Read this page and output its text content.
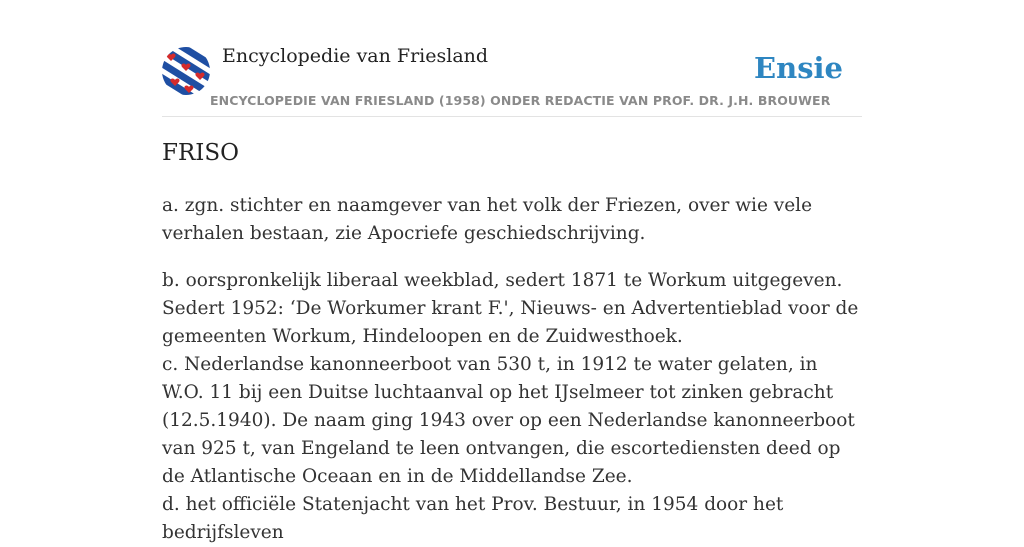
Encyclopedie van Friesland	Ensie
ENCYCLOPEDIE VAN FRIESLAND (1958) ONDER REDACTIE VAN PROF. DR. J.H. BROUWER
FRISO

a. zgn. stichter en naamgever van het volk der Friezen, over wie vele verhalen bestaan, zie Apocriefe geschiedschrijving.

b. oorspronkelijk liberaal weekblad, sedert 1871 te Workum uitgegeven. Sedert 1952: ‘De Workumer krant F.', Nieuws- en Advertentieblad voor de gemeenten Workum, Hindeloopen en de Zuidwesthoek.

c. Nederlandse kanonneerboot van 530 t, in 1912 te water gelaten, in W.O. 11 bij een Duitse luchtaanval op het IJselmeer tot zinken gebracht (12.5.1940). De naam ging 1943 over op een Nederlandse kanonneerboot van 925 t, van Engeland te leen ontvangen, die escortediensten deed op de Atlantische Oceaan en in de Middellandse Zee.

d. het officiële Statenjacht van het Prov. Bestuur, in 1954 door het bedrijfsleven
